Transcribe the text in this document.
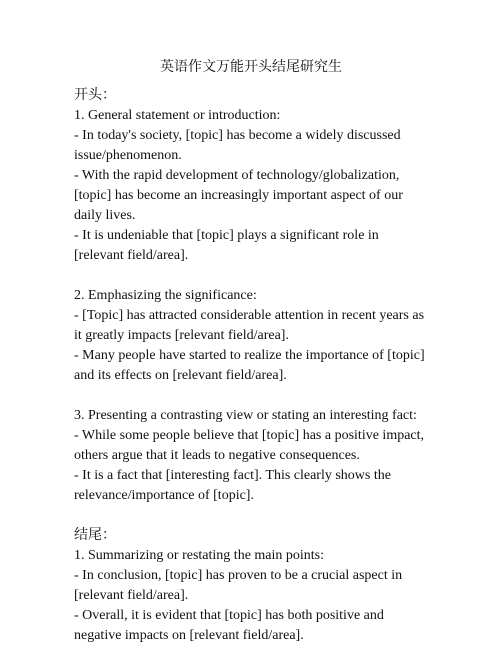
英语作文万能开头结尾研究生
开头：

1. General statement or introduction:

- In today's society, [topic] has become a widely discussed issue/phenomenon.

- With the rapid development of technology/globalization, [topic] has become an increasingly important aspect of our daily lives.

- It is undeniable that [topic] plays a significant role in [relevant field/area].

2. Emphasizing the significance:

- [Topic] has attracted considerable attention in recent years as it greatly impacts [relevant field/area].

- Many people have started to realize the importance of [topic] and its effects on [relevant field/area].

3. Presenting a contrasting view or stating an interesting fact:

- While some people believe that [topic] has a positive impact, others argue that it leads to negative consequences.

- It is a fact that [interesting fact]. This clearly shows the relevance/importance of [topic].

结尾：

1. Summarizing or restating the main points:

- In conclusion, [topic] has proven to be a crucial aspect in [relevant field/area].

- Overall, it is evident that [topic] has both positive and negative impacts on [relevant field/area].
